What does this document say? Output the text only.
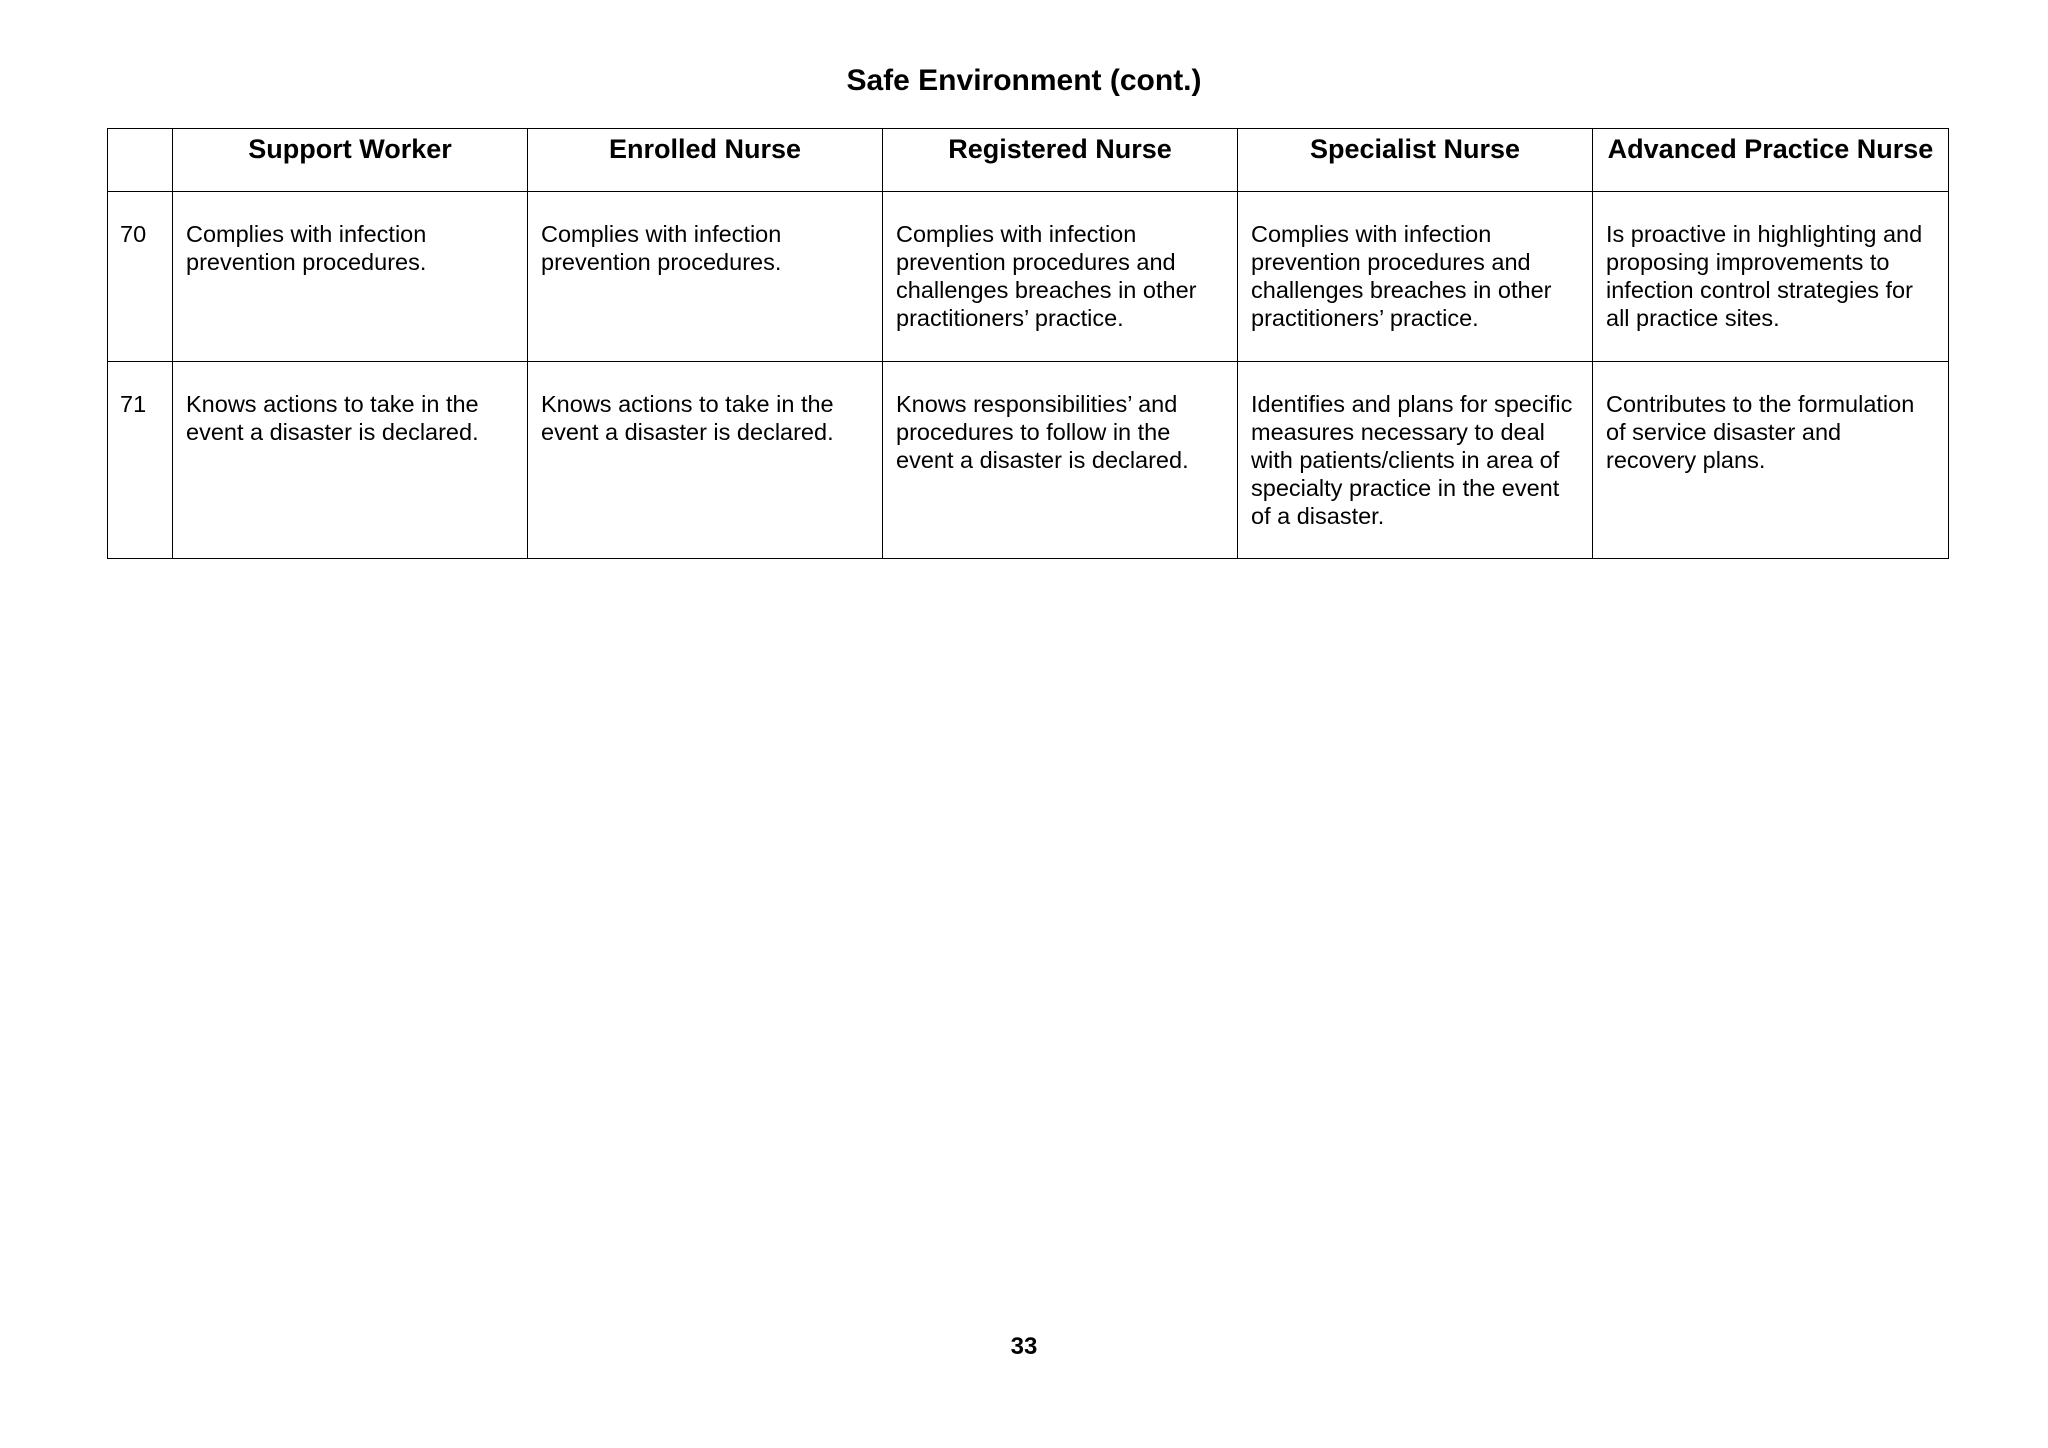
Safe Environment (cont.)
	Support Worker	Enrolled Nurse	Registered Nurse	Specialist Nurse	Advanced Practice Nurse
70	Complies with infection prevention procedures.	Complies with infection prevention procedures.	Complies with infection prevention procedures and challenges breaches in other practitioners’ practice.	Complies with infection prevention procedures and challenges breaches in other practitioners’ practice.	Is proactive in highlighting and proposing improvements to infection control strategies for all practice sites.
71	Knows actions to take in the event a disaster is declared.	Knows actions to take in the event a disaster is declared.	Knows responsibilities’ and procedures to follow in the event a disaster is declared.	Identifies and plans for specific measures necessary to deal with patients/clients in area of specialty practice in the event of a disaster.	Contributes to the formulation of service disaster and recovery plans.
33
